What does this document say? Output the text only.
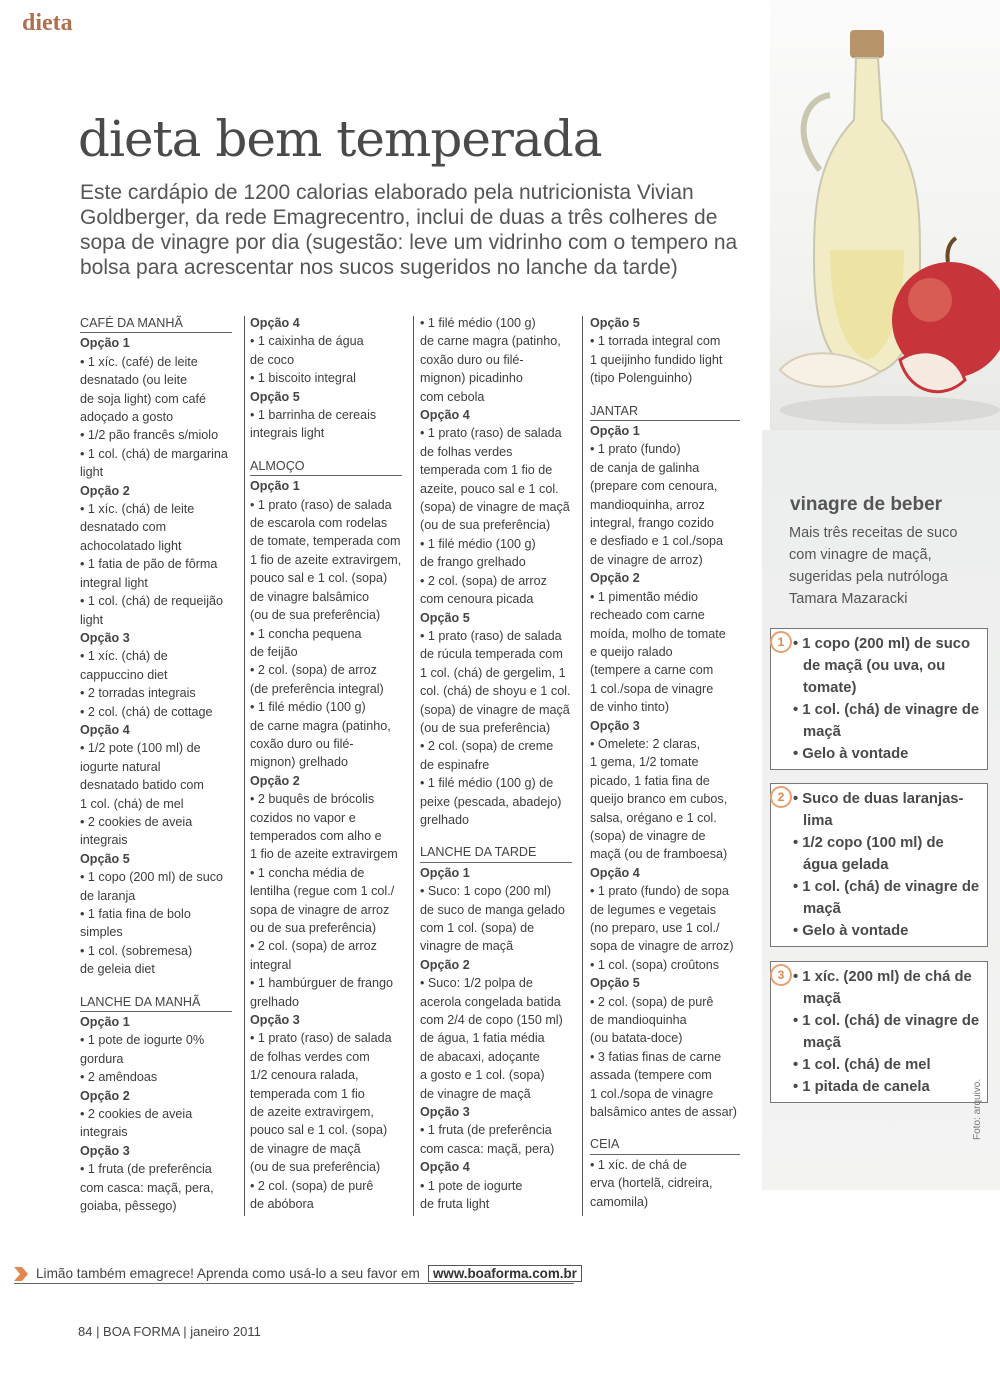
dieta
dieta bem temperada
Este cardápio de 1200 calorias elaborado pela nutricionista Vivian Goldberger, da rede Emagrecentro, inclui de duas a três colheres de sopa de vinagre por dia (sugestão: leve um vidrinho com o tempero na bolsa para acrescentar nos sucos sugeridos no lanche da tarde)
CAFÉ DA MANHÃ
Opção 1
• 1 xíc. (café) de leite
desnatado (ou leite
de soja light) com café
adoçado a gosto
• 1/2 pão francês s/miolo
• 1 col. (chá) de margarina
light
Opção 2
• 1 xíc. (chá) de leite
desnatado com
achocolatado light
• 1 fatia de pão de fôrma
integral light
• 1 col. (chá) de requeijão
light
Opção 3
• 1 xíc. (chá) de
cappuccino diet
• 2 torradas integrais
• 2 col. (chá) de cottage
Opção 4
• 1/2 pote (100 ml) de
iogurte natural
desnatado batido com
1 col. (chá) de mel
• 2 cookies de aveia
integrais
Opção 5
• 1 copo (200 ml) de suco
de laranja
• 1 fatia fina de bolo
simples
• 1 col. (sobremesa)
de geleia diet
LANCHE DA MANHÃ
Opção 1
• 1 pote de iogurte 0%
gordura
• 2 amêndoas
Opção 2
• 2 cookies de aveia
integrais
Opção 3
• 1 fruta (de preferência
com casca: maçã, pera,
goiaba, pêssego)
Opção 4
• 1 caixinha de água
de coco
• 1 biscoito integral
Opção 5
• 1 barrinha de cereais
integrais light
ALMOÇO
Opção 1
• 1 prato (raso) de salada
de escarola com rodelas
de tomate, temperada com
1 fio de azeite extravirgem,
pouco sal e 1 col. (sopa)
de vinagre balsâmico
(ou de sua preferência)
• 1 concha pequena
de feijão
• 2 col. (sopa) de arroz
(de preferência integral)
• 1 filé médio (100 g)
de carne magra (patinho,
coxão duro ou filé-
mignon) grelhado
Opção 2
• 2 buquês de brócolis
cozidos no vapor e
temperados com alho e
1 fio de azeite extravirgem
• 1 concha média de
lentilha (regue com 1 col./
sopa de vinagre de arroz
ou de sua preferência)
• 2 col. (sopa) de arroz
integral
• 1 hambúrguer de frango
grelhado
Opção 3
• 1 prato (raso) de salada
de folhas verdes com
1/2 cenoura ralada,
temperada com 1 fio
de azeite extravirgem,
pouco sal e 1 col. (sopa)
de vinagre de maçã
(ou de sua preferência)
• 2 col. (sopa) de purê
de abóbora
• 1 filé médio (100 g)
de carne magra (patinho,
coxão duro ou filé-
mignon) picadinho
com cebola
Opção 4
• 1 prato (raso) de salada
de folhas verdes
temperada com 1 fio de
azeite, pouco sal e 1 col.
(sopa) de vinagre de maçã
(ou de sua preferência)
• 1 filé médio (100 g)
de frango grelhado
• 2 col. (sopa) de arroz
com cenoura picada
Opção 5
• 1 prato (raso) de salada
de rúcula temperada com
1 col. (chá) de gergelim, 1
col. (chá) de shoyu e 1 col.
(sopa) de vinagre de maçã
(ou de sua preferência)
• 2 col. (sopa) de creme
de espinafre
• 1 filé médio (100 g) de
peixe (pescada, abadejo)
grelhado
LANCHE DA TARDE
Opção 1
• Suco: 1 copo (200 ml)
de suco de manga gelado
com 1 col. (sopa) de
vinagre de maçã
Opção 2
• Suco: 1/2 polpa de
acerola congelada batida
com 2/4 de copo (150 ml)
de água, 1 fatia média
de abacaxi, adoçante
a gosto e 1 col. (sopa)
de vinagre de maçã
Opção 3
• 1 fruta (de preferência
com casca: maçã, pera)
Opção 4
• 1 pote de iogurte
de fruta light
Opção 5
• 1 torrada integral com
1 queijinho fundido light
(tipo Polenguinho)
JANTAR
Opção 1
• 1 prato (fundo)
de canja de galinha
(prepare com cenoura,
mandioquinha, arroz
integral, frango cozido
e desfiado e 1 col./sopa
de vinagre de arroz)
Opção 2
• 1 pimentão médio
recheado com carne
moída, molho de tomate
e queijo ralado
(tempere a carne com
1 col./sopa de vinagre
de vinho tinto)
Opção 3
• Omelete: 2 claras,
1 gema, 1/2 tomate
picado, 1 fatia fina de
queijo branco em cubos,
salsa, orégano e 1 col.
(sopa) de vinagre de
maçã (ou de framboesa)
Opção 4
• 1 prato (fundo) de sopa
de legumes e vegetais
(no preparo, use 1 col./
sopa de vinagre de arroz)
• 1 col. (sopa) croûtons
Opção 5
• 2 col. (sopa) de purê
de mandioquinha
(ou batata-doce)
• 3 fatias finas de carne
assada (tempere com
1 col./sopa de vinagre
balsâmico antes de assar)
CEIA
• 1 xíc. de chá de
erva (hortelã, cidreira,
camomila)
vinagre de beber
Mais três receitas de suco com vinagre de maçã, sugeridas pela nutróloga Tamara Mazaracki
1 • 1 copo (200 ml) de suco de maçã (ou uva, ou tomate)
• 1 col. (chá) de vinagre de maçã
• Gelo à vontade
2 • Suco de duas laranjas-lima
• 1/2 copo (100 ml) de água gelada
• 1 col. (chá) de vinagre de maçã
• Gelo à vontade
3 • 1 xíc. (200 ml) de chá de maçã
• 1 col. (chá) de vinagre de maçã
• 1 col. (chá) de mel
• 1 pitada de canela	Foto: arquivo.
Limão também emagrece! Aprenda como usá-lo a seu favor em www.boaforma.com.br
84 | BOA FORMA | janeiro 2011
